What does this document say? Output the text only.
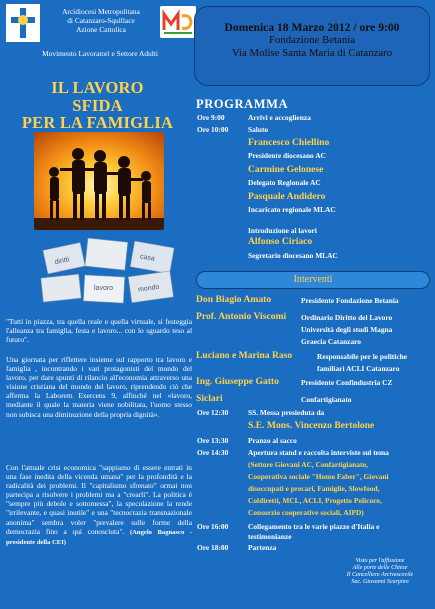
Arcidiocesi Metropolitana
di Catanzaro-Squillace
Azione Cattolica
Movimento Lavoratori e Settore Adulti
IL LAVORO
SFIDA
PER LA FAMIGLIA
diritti
lavoro
casa
mondo
"Tutti in piazza, tra quella reale e quella virtuale, si festeggia l'alleanza tra famiglia, festa e lavoro... con lo sguardo teso al futuro".
Una giornata per riflettere insieme sul rapporto tra lavoro e famiglia , incontrando i vari protagonisti del mondo del lavoro, per dare spunti di rilancio all'economia attraverso una visione cristiana del mondo del lavoro, riprendendo ciò che afferma la Laborem Exercens 9, affinché nel «lavoro, mediante il quale la materia viene nobilitata, l'uomo stesso non subisca una diminuzione della propria dignità».
Con l'attuale crisi economica "sappiamo di essere entrati in una fase inedita della vicenda umana" per la profondità e la radicalità dei problemi. Il "capitalismo sfrenato" ormai non partecipa a risolvere i problemi ma a "crearli". La politica è "sempre più debole e sottomessa", la speculazione la rende "irrilevante, e quasi inutile" e una "tecnocrazia transnazionale anonima" sembra voler "prevalere sulle forme della democrazia fino a qui conosciuta". (Angelo Bagnasco - presidente della CEI)
Domenica 18 Marzo 2012 / ore 9:00
Fondazione Betania
Via Molise Santa Maria di Catanzaro
PROGRAMMA
Ore 9:00	Arrivi e accoglienza
Ore 10:00	Saluto
Francesco Chiellino
Presidente diocesano AC
Carmine Gelonese
Delegato Regionale AC
Pasquale Andidero
Incaricato regionale MLAC
Introduzione ai lavori
Alfonso Ciriaco
Segretario diocesano MLAC
Interventi
Don Biagio Amato	Presidente Fondazione Betania
Prof. Antonio Viscomi Ordinario Diritto del Lavoro
Università degli studi Magna
Graecia Catanzaro
Luciano e Marina Raso	Responsabile per le politiche
familiari ACLI Catanzaro
Ing. Giuseppe Gatto	Presidente Confindustria CZ
Siclari	Confartigianato
Ore 12:30	SS. Messa presieduta da
S.E. Mons. Vincenzo Bertolone
Ore 13:30	Pranzo al sacco
Ore 14:30	Apertura stand e raccolta interviste sul tema
(Settore Giovani AC, Confartigianato,
Cooperativa sociale "Homo Faber", Giovani
disoccupati e precari, Famiglie, Slowfood,
Coldiretti, MCL, ACLI, Progetto Policoro,
Consorzio cooperative sociali, AIPD)
Ore 16:00	Collegamento tra le varie piazze d'Italia e
testimonianze
Ore 18:00	Partenza
Visto per l'affissione
Alle porte delle Chiese
Il Cancelliere Arcivescovile
Sac. Giovanni Scarpino
